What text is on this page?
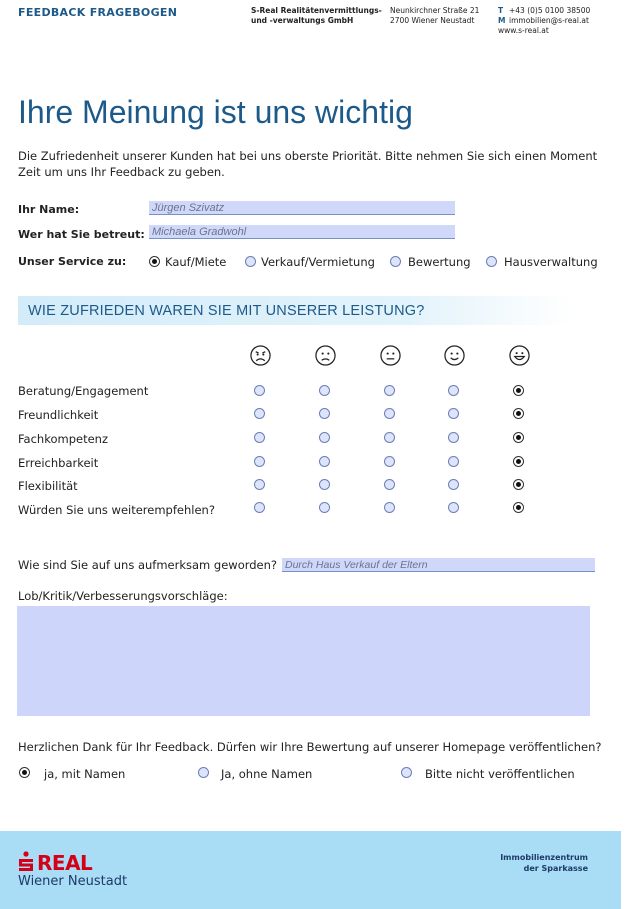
FEEDBACK FRAGEBOGEN	S-Real Realitätenvermittlungs-
und -verwaltungs GmbH
Neunkirchner Straße 21
2700 Wiener Neustadt
T +43 (0)5 0100 38500
M immobilien@s-real.at
www.s-real.at
Ihre Meinung ist uns wichtig
Die Zufriedenheit unserer Kunden hat bei uns oberste Priorität. Bitte nehmen Sie sich einen Moment Zeit um uns Ihr Feedback zu geben.
Ihr Name:	Jürgen Szivatz
Wer hat Sie betreut: Michaela Gradwohl
Unser Service zu:	Kauf/Miete	Verkauf/Vermietung	Bewertung	Hausverwaltung
WIE ZUFRIEDEN WAREN SIE MIT UNSERER LEISTUNG?
Beratung/Engagement
Freundlichkeit
Fachkompetenz
Erreichbarkeit
Flexibilität
Würden Sie uns weiterempfehlen?
Wie sind Sie auf uns aufmerksam geworden? Durch Haus Verkauf der Eltern
Lob/Kritik/Verbesserungsvorschläge:
Herzlichen Dank für Ihr Feedback. Dürfen wir Ihre Bewertung auf unserer Homepage veröffentlichen?
ja, mit Namen	Ja, ohne Namen	Bitte nicht veröffentlichen
REAL
Wiener Neustadt
Immobilienzentrum
der Sparkasse
